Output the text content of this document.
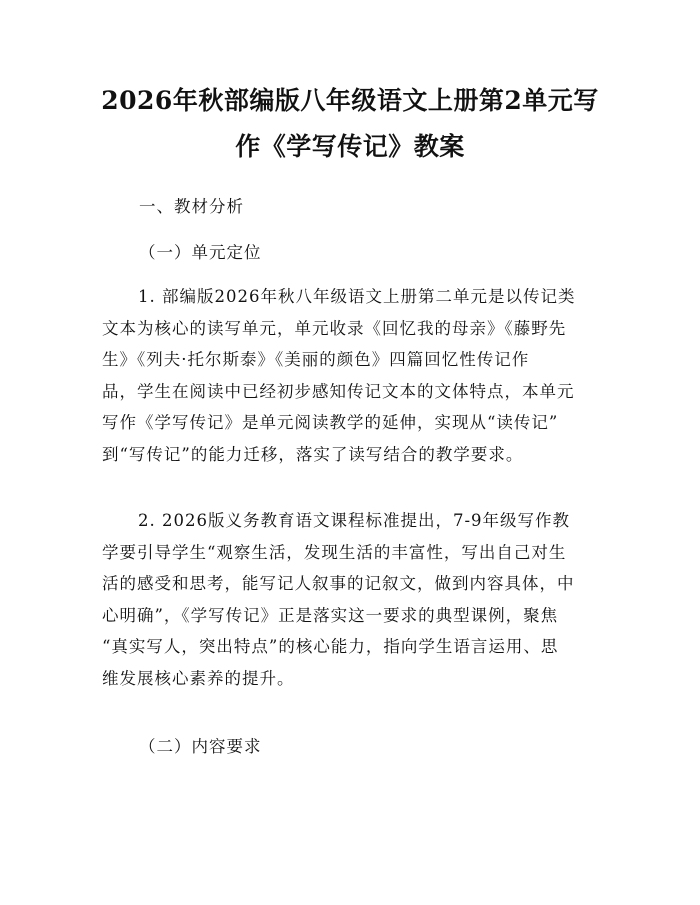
2026年秋部编版八年级语文上册第2单元写
作《学写传记》教案
一、教材分析
（一）单元定位
1. 部编版2026年秋八年级语文上册第二单元是以传记类
文本为核心的读写单元，单元收录《回忆我的母亲》《藤野先
生》《列夫·托尔斯泰》《美丽的颜色》四篇回忆性传记作
品，学生在阅读中已经初步感知传记文本的文体特点，本单元
写作《学写传记》是单元阅读教学的延伸，实现从“读传记”
到“写传记”的能力迁移，落实了读写结合的教学要求。
2. 2026版义务教育语文课程标准提出，7-9年级写作教
学要引导学生“观察生活，发现生活的丰富性，写出自己对生
活的感受和思考，能写记人叙事的记叙文，做到内容具体，中
心明确”，《学写传记》正是落实这一要求的典型课例，聚焦
“真实写人，突出特点”的核心能力，指向学生语言运用、思
维发展核心素养的提升。
（二）内容要求
